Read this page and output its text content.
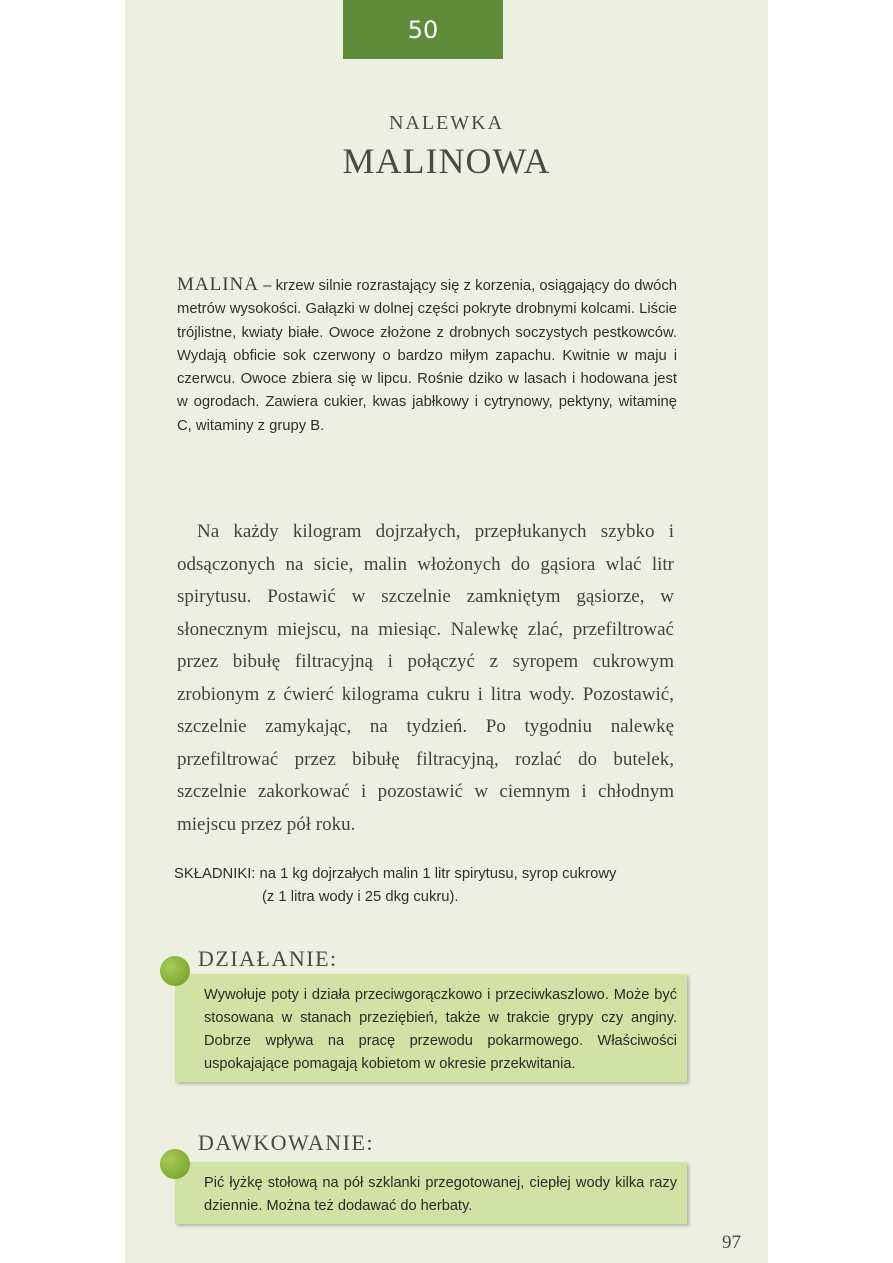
50
NALEWKA
MALINOWA
MALINA – krzew silnie rozrastający się z korzenia, osiągający do dwóch metrów wysokości. Gałązki w dolnej części pokryte drobnymi kolcami. Liście trójlistne, kwiaty białe. Owoce złożone z drobnych soczystych pestkowców. Wydają obficie sok czerwony o bardzo miłym zapachu. Kwitnie w maju i czerwcu. Owoce zbiera się w lipcu. Rośnie dziko w lasach i hodowana jest w ogrodach. Zawiera cukier, kwas jabłkowy i cytrynowy, pektyny, witaminę C, witaminy z grupy B.
Na każdy kilogram dojrzałych, przepłukanych szybko i odsączonych na sicie, malin włożonych do gąsiora wlać litr spirytusu. Postawić w szczelnie zamkniętym gąsiorze, w słonecznym miejscu, na miesiąc. Nalewkę zlać, przefiltrować przez bibułę filtracyjną i połączyć z syropem cukrowym zrobionym z ćwierć kilograma cukru i litra wody. Pozostawić, szczelnie zamykając, na tydzień. Po tygodniu nalewkę przefiltrować przez bibułę filtracyjną, rozlać do butelek, szczelnie zakorkować i pozostawić w ciemnym i chłodnym miejscu przez pół roku.
SKŁADNIKI: na 1 kg dojrzałych malin 1 litr spirytusu, syrop cukrowy
(z 1 litra wody i 25 dkg cukru).
Wywołuje poty i działa przeciwgorączkowo i przeciwkaszlowo. Może być stosowana w stanach przeziębień, także w trakcie grypy czy anginy. Dobrze wpływa na pracę przewodu pokarmowego. Właściwości uspokajające pomagają kobietom w okresie przekwitania.
DZIAŁANIE:
Pić łyżkę stołową na pół szklanki przegotowanej, ciepłej wody kilka razy dziennie. Można też dodawać do herbaty.
DAWKOWANIE:
97
